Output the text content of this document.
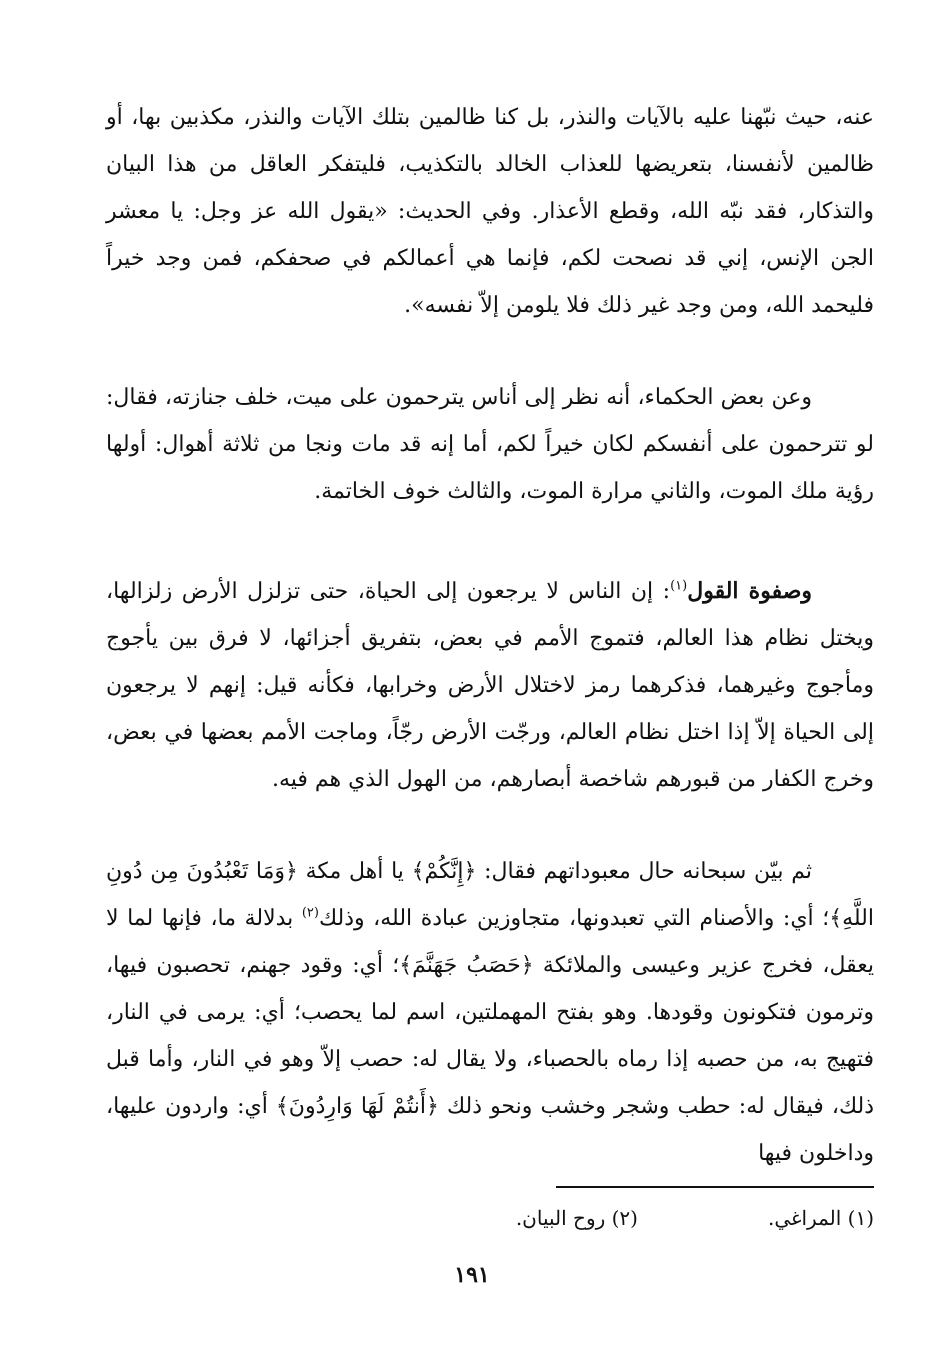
عنه، حيث نبّهنا عليه بالآيات والنذر، بل كنا ظالمين بتلك الآيات والنذر، مكذبين بها، أو ظالمين لأنفسنا، بتعريضها للعذاب الخالد بالتكذيب، فليتفكر العاقل من هذا البيان والتذكار، فقد نبّه الله، وقطع الأعذار. وفي الحديث: «يقول الله عز وجل: يا معشر الجن الإنس، إني قد نصحت لكم، فإنما هي أعمالكم في صحفكم، فمن وجد خيراً فليحمد الله، ومن وجد غير ذلك فلا يلومن إلاّ نفسه».
وعن بعض الحكماء، أنه نظر إلى أناس يترحمون على ميت، خلف جنازته، فقال: لو تترحمون على أنفسكم لكان خيراً لكم، أما إنه قد مات ونجا من ثلاثة أهوال: أولها رؤية ملك الموت، والثاني مرارة الموت، والثالث خوف الخاتمة.
وصفوة القول$^{(١)}$: إن الناس لا يرجعون إلى الحياة، حتى تزلزل الأرض زلزالها، ويختل نظام هذا العالم، فتموج الأمم في بعض، بتفريق أجزائها، لا فرق بين يأجوج ومأجوج وغيرهما، فذكرهما رمز لاختلال الأرض وخرابها، فكأنه قيل: إنهم لا يرجعون إلى الحياة إلاّ إذا اختل نظام العالم، ورجّت الأرض رجّاً، وماجت الأمم بعضها في بعض، وخرج الكفار من قبورهم شاخصة أبصارهم، من الهول الذي هم فيه.
ثم بيّن سبحانه حال معبوداتهم فقال: ﴿إِنَّكُمْ﴾ يا أهل مكة ﴿وَمَا تَعْبُدُونَ مِن دُونِ اللَّهِ﴾؛ أي: والأصنام التي تعبدونها، متجاوزين عبادة الله، وذلك$^{(٢)}$ بدلالة ما، فإنها لما لا يعقل، فخرج عزير وعيسى والملائكة ﴿حَصَبُ جَهَنَّمَ﴾؛ أي: وقود جهنم، تحصبون فيها، وترمون فتكونون وقودها. وهو بفتح المهملتين، اسم لما يحصب؛ أي: يرمى في النار، فتهيج به، من حصبه إذا رماه بالحصباء، ولا يقال له: حصب إلاّ وهو في النار، وأما قبل ذلك، فيقال له: حطب وشجر وخشب ونحو ذلك ﴿أَنتُمْ لَهَا وَارِدُونَ﴾ أي: واردون عليها، وداخلون فيها
(١) المراغي.
(٢) روح البيان.
١٩١
